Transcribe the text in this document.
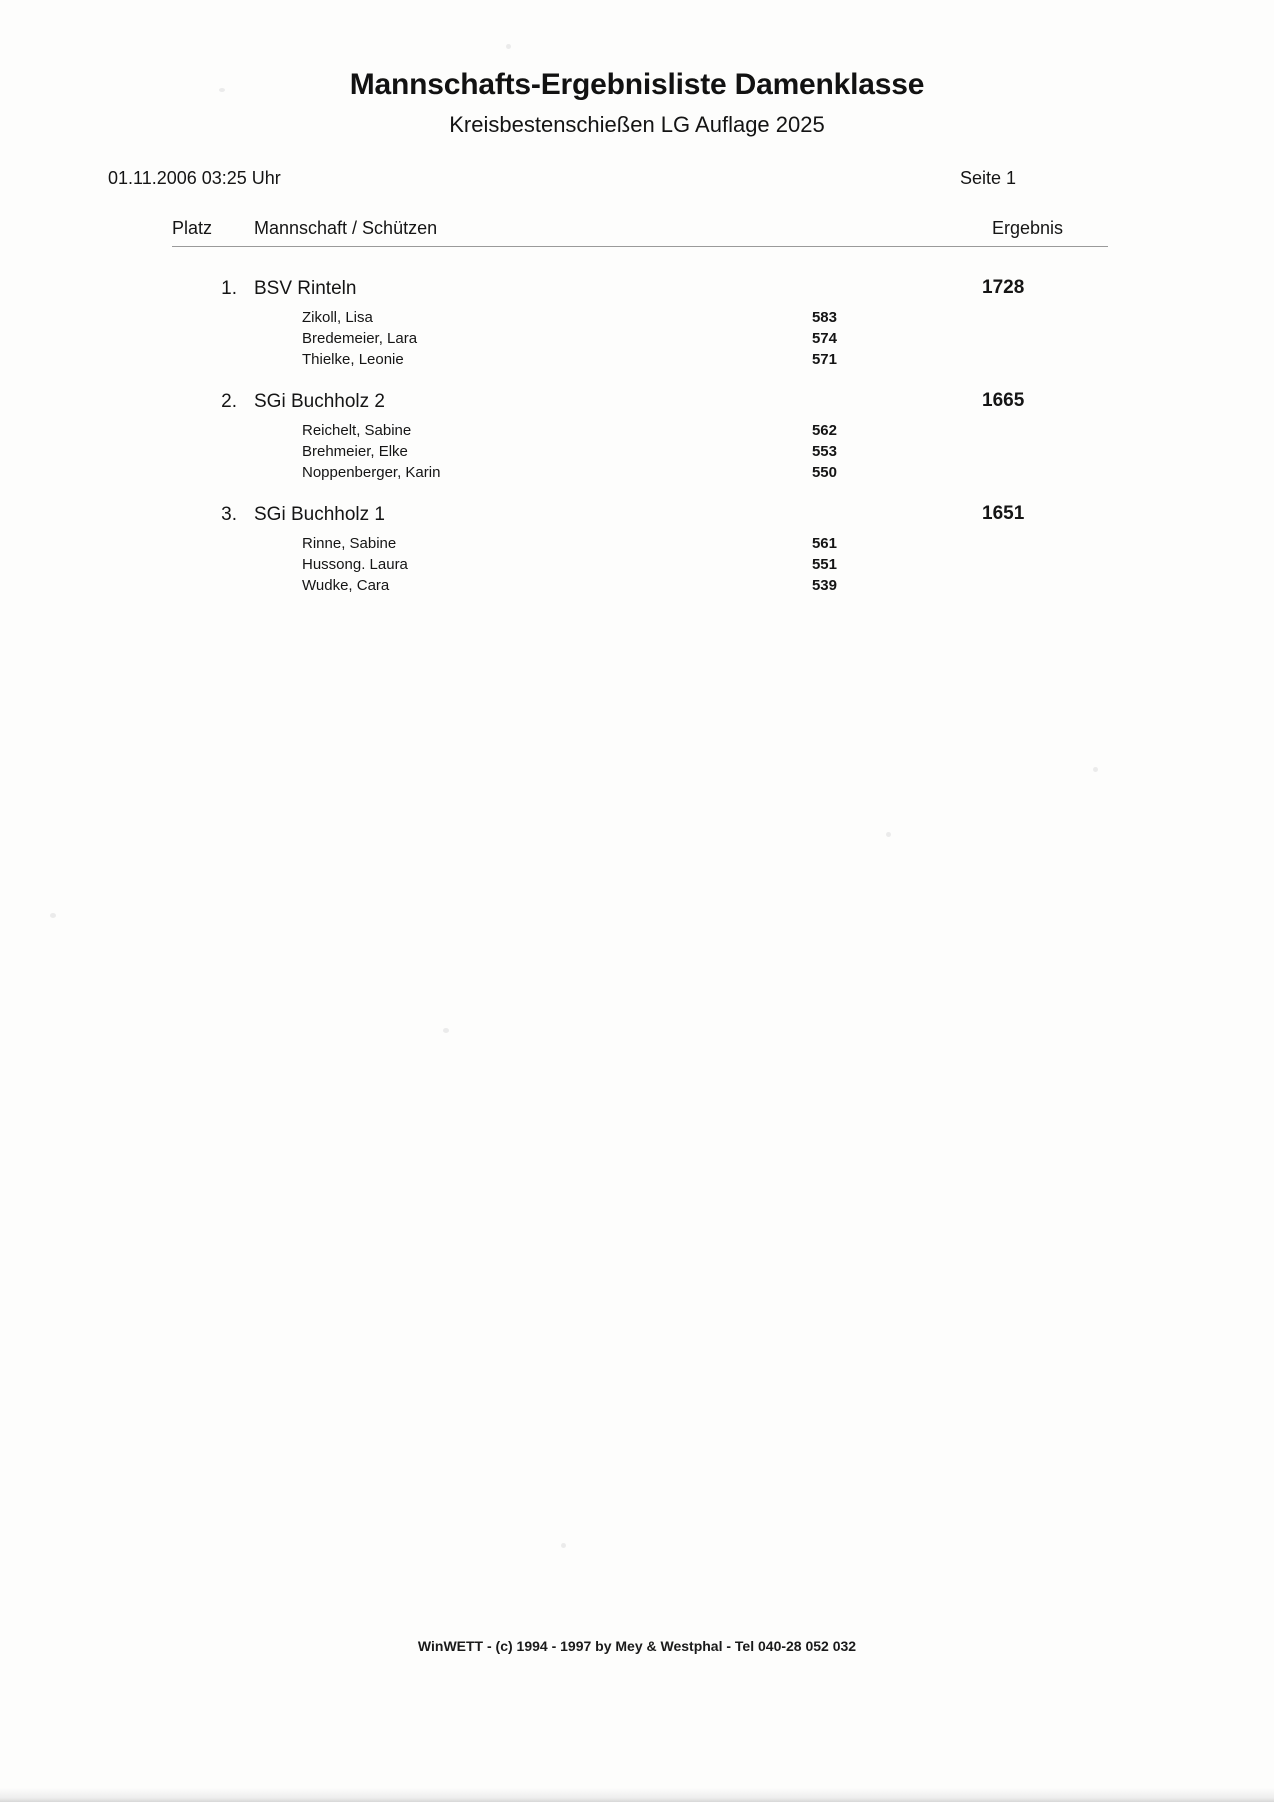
Mannschafts-Ergebnisliste Damenklasse
Kreisbestenschießen LG Auflage 2025
01.11.2006 03:25 Uhr	Seite 1
Platz	Mannschaft / Schützen	Ergebnis
1. BSV Rinteln	1728
Zikoll, Lisa	583
Bredemeier, Lara	574
Thielke, Leonie	571
2. SGi Buchholz 2	1665
Reichelt, Sabine	562
Brehmeier, Elke	553
Noppenberger, Karin	550
3. SGi Buchholz 1	1651
Rinne, Sabine	561
Hussong. Laura	551
Wudke, Cara	539
WinWETT - (c) 1994 - 1997 by Mey & Westphal - Tel 040-28 052 032
